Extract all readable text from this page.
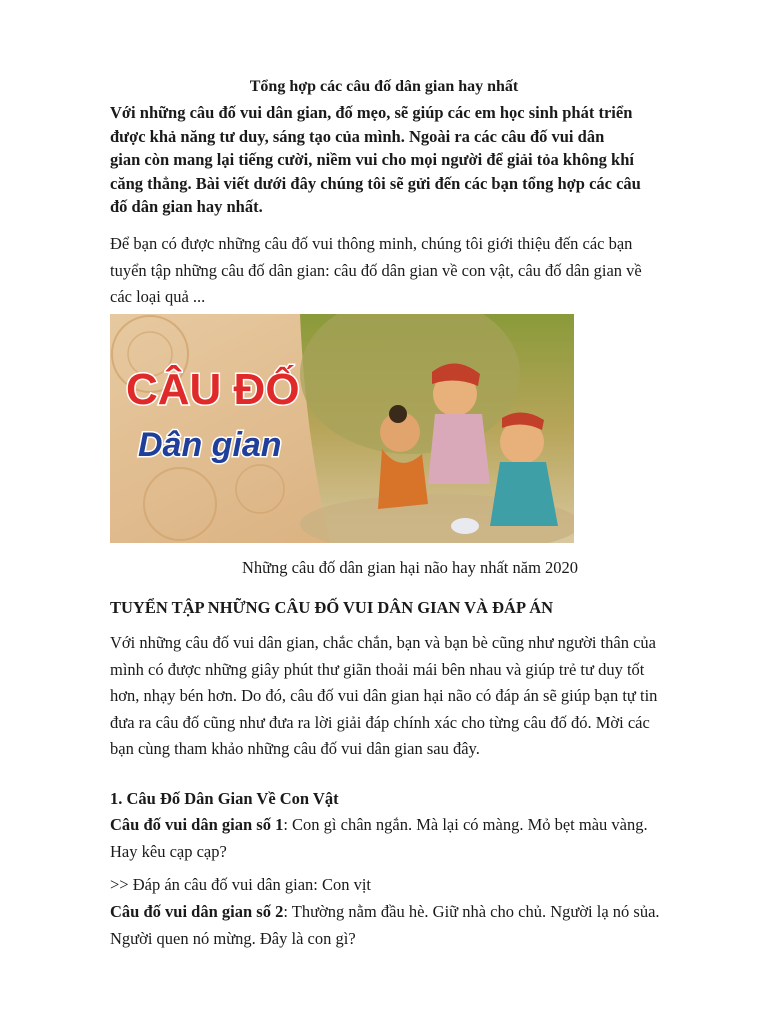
Tổng hợp các câu đố dân gian hay nhất
Với những câu đố vui dân gian, đố mẹo, sẽ giúp các em học sinh phát triển
được khả năng tư duy, sáng tạo của mình. Ngoài ra các câu đố vui dân
gian còn mang lại tiếng cười, niềm vui cho mọi người để giải tỏa không khí
căng thẳng. Bài viết dưới đây chúng tôi sẽ gửi đến các bạn tổng hợp các câu
đố dân gian hay nhất.
Để bạn có được những câu đố vui thông minh, chúng tôi giới thiệu đến các bạn
tuyển tập những câu đố dân gian: câu đố dân gian về con vật, câu đố dân gian về
các loại quả ...
CÂU ĐỐ
Dân gian
Những câu đố dân gian hại não hay nhất năm 2020
TUYỂN TẬP NHỮNG CÂU ĐỐ VUI DÂN GIAN VÀ ĐÁP ÁN
Với những câu đố vui dân gian, chắc chắn, bạn và bạn bè cũng như người thân của
mình có được những giây phút thư giãn thoải mái bên nhau và giúp trẻ tư duy tốt
hơn, nhạy bén hơn. Do đó, câu đố vui dân gian hại não có đáp án sẽ giúp bạn tự tin
đưa ra câu đố cũng như đưa ra lời giải đáp chính xác cho từng câu đố đó. Mời các
bạn cùng tham khảo những câu đố vui dân gian sau đây.
1. Câu Đố Dân Gian Về Con Vật
Câu đố vui dân gian số 1: Con gì chân ngắn. Mà lại có màng. Mỏ bẹt màu vàng.
Hay kêu cạp cạp?
>> Đáp án câu đố vui dân gian: Con vịt
Câu đố vui dân gian số 2: Thường nằm đầu hè. Giữ nhà cho chủ. Người lạ nó sủa.
Người quen nó mừng. Đây là con gì?
